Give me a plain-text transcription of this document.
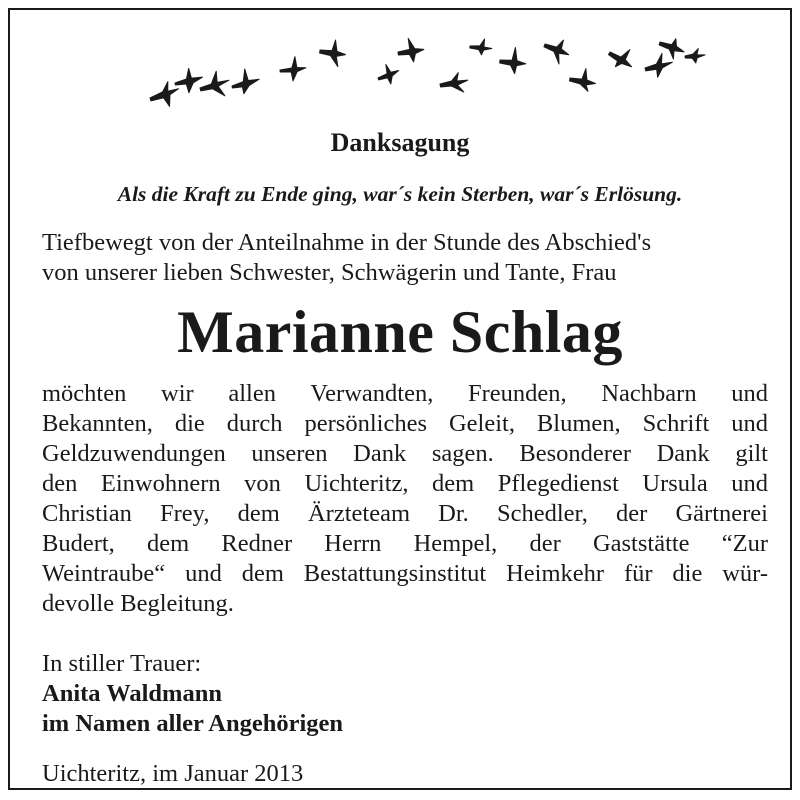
Danksagung
Als die Kraft zu Ende ging, war´s kein Sterben, war´s Erlösung.
Tiefbewegt von der Anteilnahme in der Stunde des Abschied's
von unserer lieben Schwester, Schwägerin und Tante, Frau
Marianne Schlag
möchten wir allen Verwandten, Freunden, Nachbarn und
Bekannten, die durch persönliches Geleit, Blumen, Schrift und
Geldzuwendungen unseren Dank sagen. Besonderer Dank gilt
den Einwohnern von Uichteritz, dem Pflegedienst Ursula und
Christian Frey, dem Ärzteteam Dr. Schedler, der Gärtnerei
Budert, dem Redner Herrn Hempel, der Gaststätte “Zur
Weintraube“ und dem Bestattungsinstitut Heimkehr für die wür-
devolle Begleitung.
In stiller Trauer:
Anita Waldmann
im Namen aller Angehörigen
Uichteritz, im Januar 2013
